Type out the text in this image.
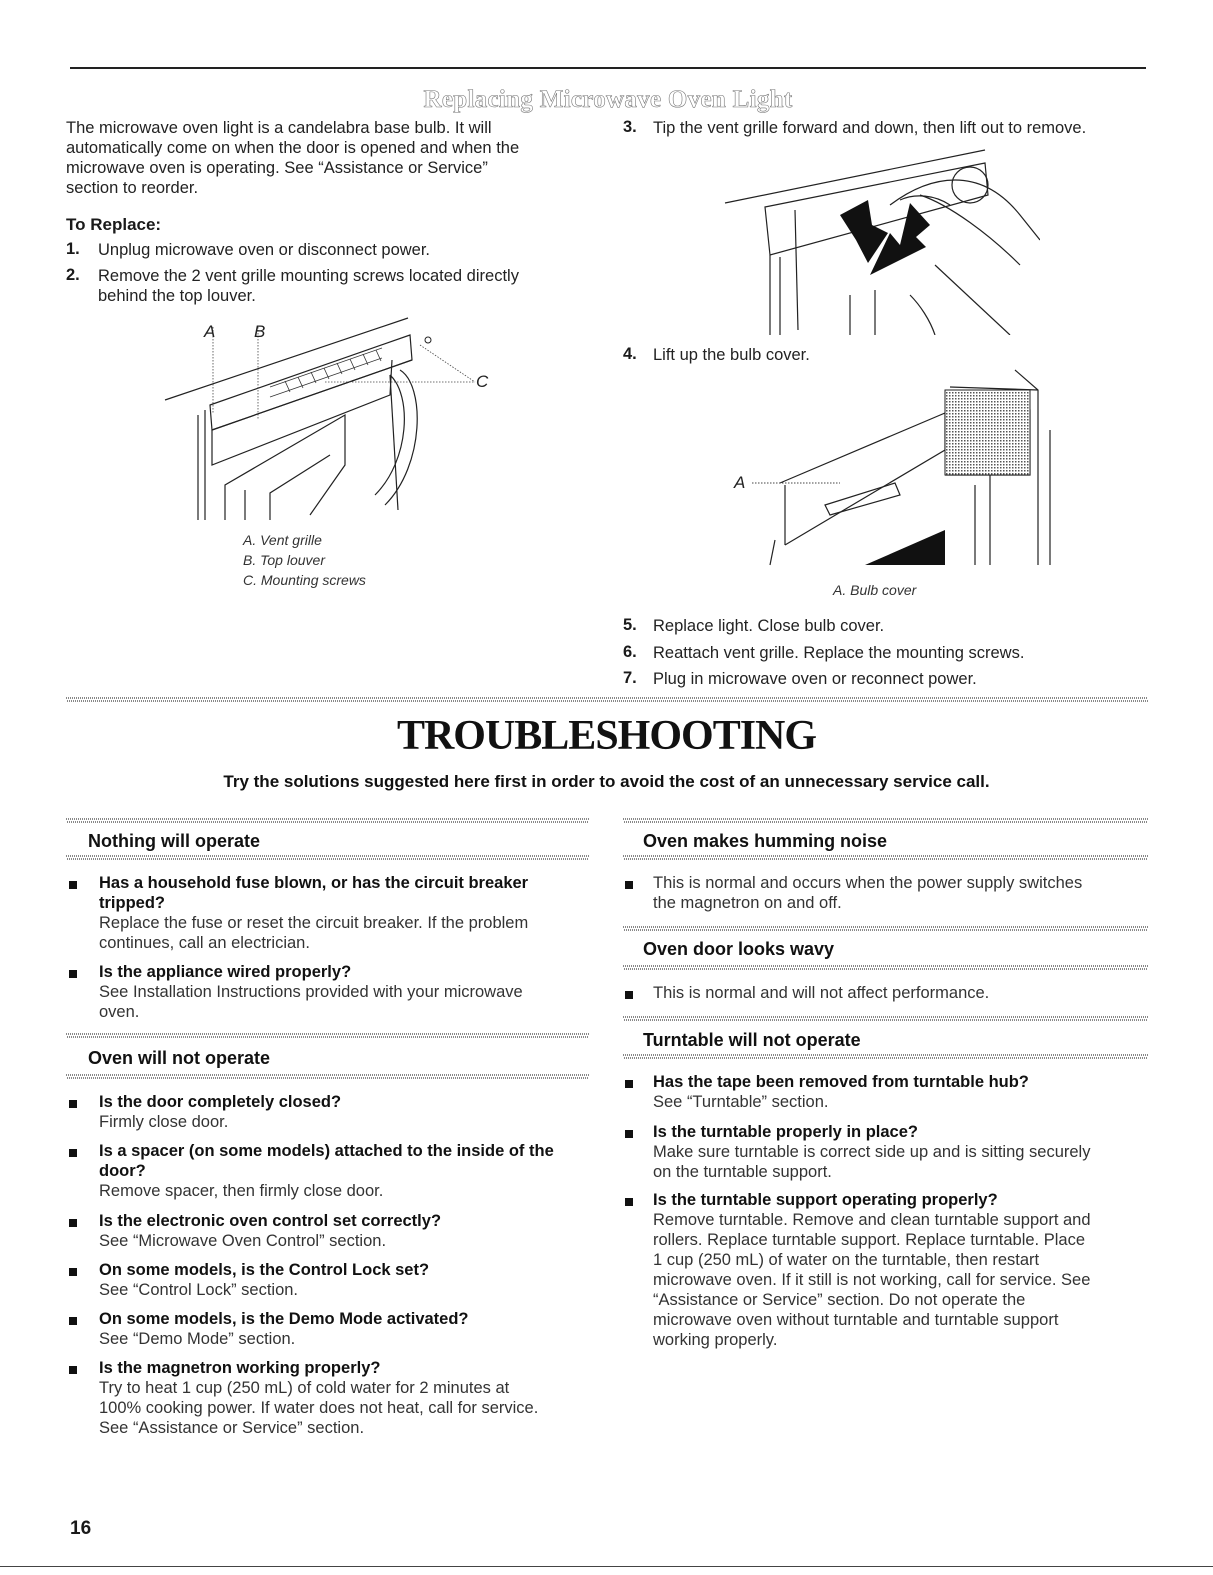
Replacing Microwave Oven Light
The microwave oven light is a candelabra base bulb. It will
automatically come on when the door is opened and when the
microwave oven is operating. See “Assistance or Service”
section to reorder.
To Replace:
1. Unplug microwave oven or disconnect power.
2. Remove the 2 vent grille mounting screws located directly
behind the top louver.
A B
C
A. Vent grille
B. Top louver
C. Mounting screws
3. Tip the vent grille forward and down, then lift out to remove.
4. Lift up the bulb cover.
A
A. Bulb cover
5. Replace light. Close bulb cover.
6. Reattach vent grille. Replace the mounting screws.
7. Plug in microwave oven or reconnect power.
TROUBLESHOOTING
Try the solutions suggested here first in order to avoid the cost of an unnecessary service call.
Nothing will operate
Has a household fuse blown, or has the circuit breaker
tripped?
Replace the fuse or reset the circuit breaker. If the problem
continues, call an electrician.
Is the appliance wired properly?
See Installation Instructions provided with your microwave
oven.
Oven will not operate
Is the door completely closed?
Firmly close door.
Is a spacer (on some models) attached to the inside of the
door?
Remove spacer, then firmly close door.
Is the electronic oven control set correctly?
See “Microwave Oven Control” section.
On some models, is the Control Lock set?
See “Control Lock” section.
On some models, is the Demo Mode activated?
See “Demo Mode” section.
Is the magnetron working properly?
Try to heat 1 cup (250 mL) of cold water for 2 minutes at
100% cooking power. If water does not heat, call for service.
See “Assistance or Service” section.
Oven makes humming noise
This is normal and occurs when the power supply switches
the magnetron on and off.
Oven door looks wavy
This is normal and will not affect performance.
Turntable will not operate
Has the tape been removed from turntable hub?
See “Turntable” section.
Is the turntable properly in place?
Make sure turntable is correct side up and is sitting securely
on the turntable support.
Is the turntable support operating properly?
Remove turntable. Remove and clean turntable support and
rollers. Replace turntable support. Replace turntable. Place
1 cup (250 mL) of water on the turntable, then restart
microwave oven. If it still is not working, call for service. See
“Assistance or Service” section. Do not operate the
microwave oven without turntable and turntable support
working properly.
16
